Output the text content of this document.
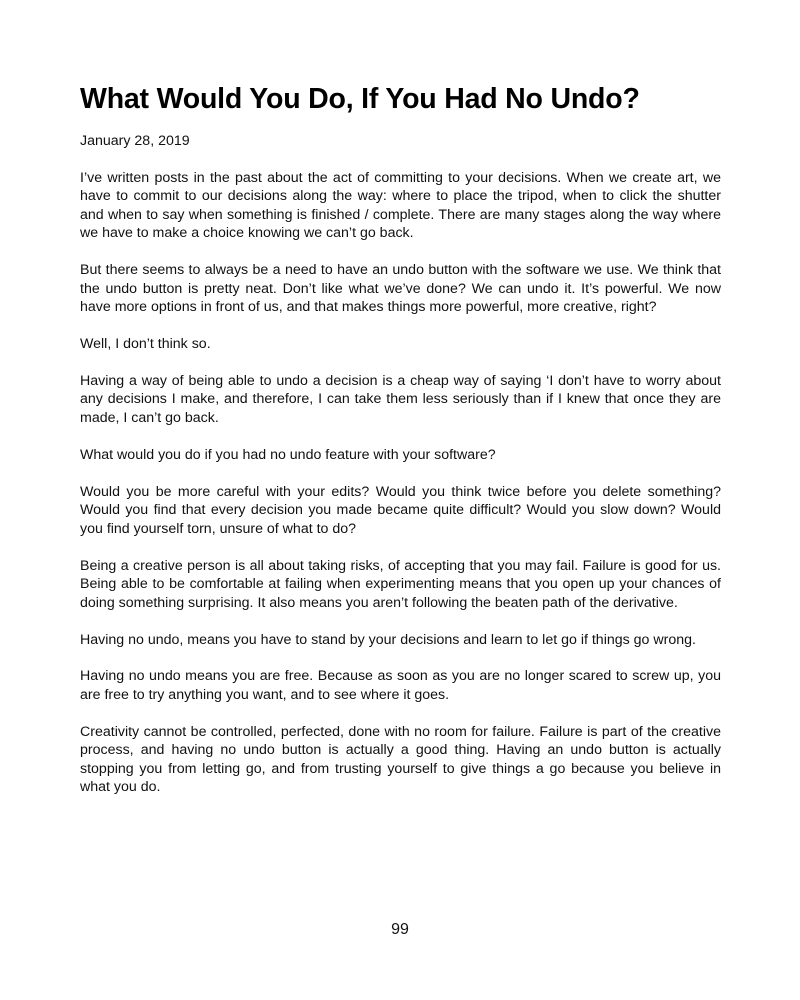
What Would You Do, If You Had No Undo?

January 28, 2019

I’ve written posts in the past about the act of committing to your decisions. When we create art, we have to commit to our decisions along the way: where to place the tripod, when to click the shutter and when to say when something is finished / complete. There are many stages along the way where we have to make a choice knowing we can’t go back.

But there seems to always be a need to have an undo button with the software we use. We think that the undo button is pretty neat. Don’t like what we’ve done? We can undo it. It’s powerful. We now have more options in front of us, and that makes things more powerful, more creative, right?

Well, I don’t think so.

Having a way of being able to undo a decision is a cheap way of saying ‘I don’t have to worry about any decisions I make, and therefore, I can take them less seriously than if I knew that once they are made, I can’t go back.

What would you do if you had no undo feature with your software?

Would you be more careful with your edits? Would you think twice before you delete something? Would you find that every decision you made became quite difficult? Would you slow down? Would you find yourself torn, unsure of what to do?

Being a creative person is all about taking risks, of accepting that you may fail. Failure is good for us. Being able to be comfortable at failing when experimenting means that you open up your chances of doing something surprising. It also means you aren’t following the beaten path of the derivative.

Having no undo, means you have to stand by your decisions and learn to let go if things go wrong.

Having no undo means you are free. Because as soon as you are no longer scared to screw up, you are free to try anything you want, and to see where it goes.

Creativity cannot be controlled, perfected, done with no room for failure. Failure is part of the creative process, and having no undo button is actually a good thing. Having an undo button is actually stopping you from letting go, and from trusting yourself to give things a go because you believe in what you do.

99
